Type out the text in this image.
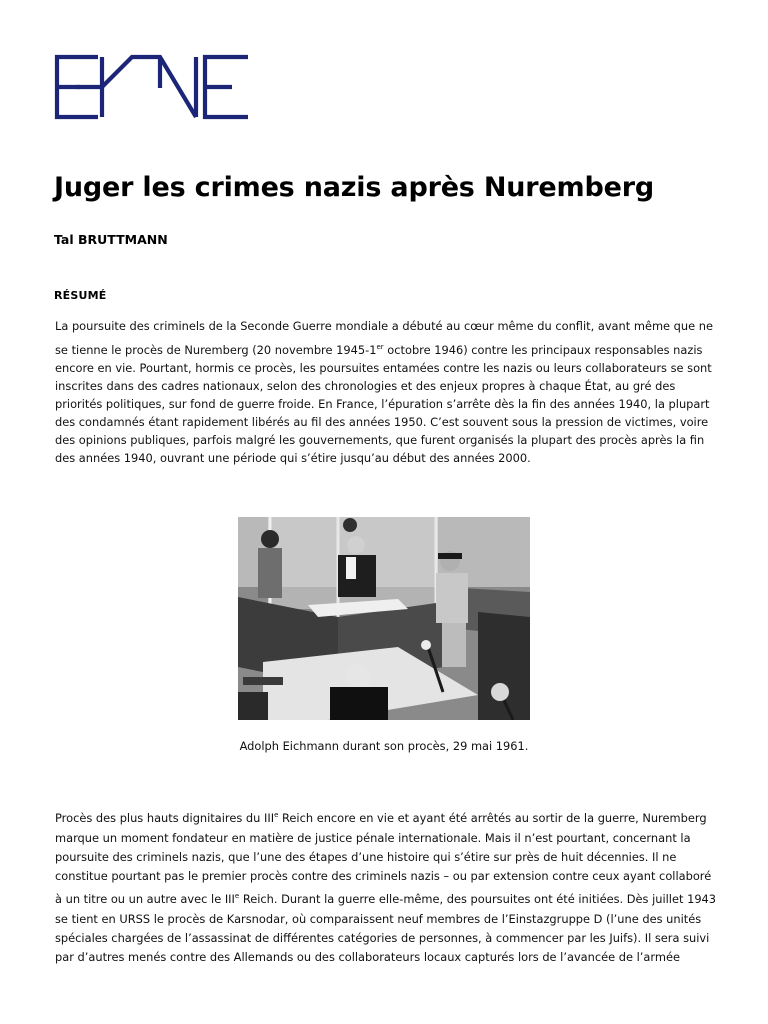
Juger les crimes nazis après Nuremberg
Tal BRUTTMANN
RÉSUMÉ
La poursuite des criminels de la Seconde Guerre mondiale a débuté au cœur même du conflit, avant même que ne
se tienne le procès de Nuremberg (20 novembre 1945-1er octobre 1946) contre les principaux responsables nazis
encore en vie. Pourtant, hormis ce procès, les poursuites entamées contre les nazis ou leurs collaborateurs se sont
inscrites dans des cadres nationaux, selon des chronologies et des enjeux propres à chaque État, au gré des
priorités politiques, sur fond de guerre froide. En France, l’épuration s’arrête dès la fin des années 1940, la plupart
des condamnés étant rapidement libérés au fil des années 1950. C’est souvent sous la pression de victimes, voire
des opinions publiques, parfois malgré les gouvernements, que furent organisés la plupart des procès après la fin
des années 1940, ouvrant une période qui s’étire jusqu’au début des années 2000.
Adolph Eichmann durant son procès, 29 mai 1961.
Procès des plus hauts dignitaires du IIIe Reich encore en vie et ayant été arrêtés au sortir de la guerre, Nuremberg
marque un moment fondateur en matière de justice pénale internationale. Mais il n’est pourtant, concernant la
poursuite des criminels nazis, que l’une des étapes d’une histoire qui s’étire sur près de huit décennies. Il ne
constitue pourtant pas le premier procès contre des criminels nazis – ou par extension contre ceux ayant collaboré
à un titre ou un autre avec le IIIe Reich. Durant la guerre elle-même, des poursuites ont été initiées. Dès juillet 1943
se tient en URSS le procès de Karsnodar, où comparaissent neuf membres de l’Einstazgruppe D (l’une des unités
spéciales chargées de l’assassinat de différentes catégories de personnes, à commencer par les Juifs). Il sera suivi
par d’autres menés contre des Allemands ou des collaborateurs locaux capturés lors de l’avancée de l’armée
